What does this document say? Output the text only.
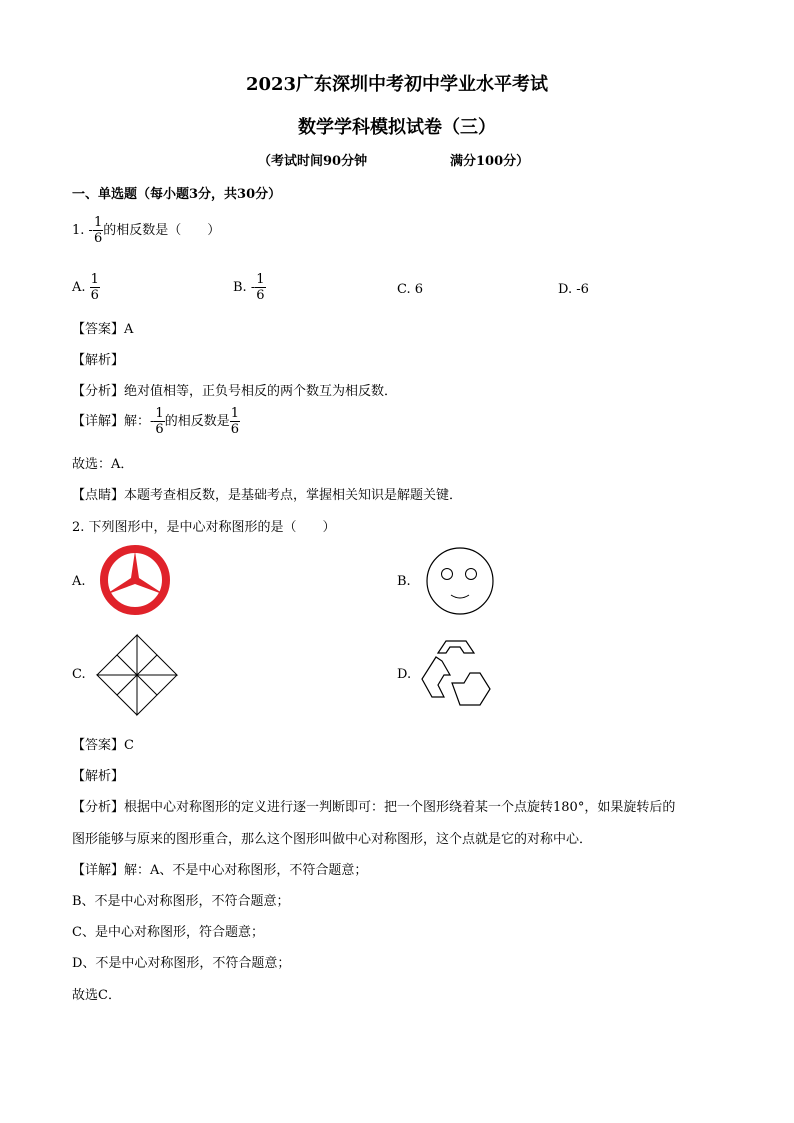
2023广东深圳中考初中学业水平考试
数学学科模拟试卷（三）
（考试时间90分钟	满分100分）
一、单选题（每小题3分，共30分）
1. - $\frac{1}{6}$ 的相反数是（　　）
A. $\frac{1}{6}$	B. - $\frac{1}{6}$	C. 6	D. -6
【答案】A
【解析】
【分析】绝对值相等，正负号相反的两个数互为相反数．
【详解】解：- $\frac{1}{6}$ 的相反数是 $\frac{1}{6}$
故选：A．
【点睛】本题考查相反数，是基础考点，掌握相关知识是解题关键．
2. 下列图形中，是中心对称图形的是（　　）
A.	B.
C.	D.
【答案】C
【解析】
【分析】根据中心对称图形的定义进行逐一判断即可：把一个图形绕着某一个点旋转180°，如果旋转后的
图形能够与原来的图形重合，那么这个图形叫做中心对称图形，这个点就是它的对称中心．
【详解】解：A、不是中心对称图形，不符合题意；
B、不是中心对称图形，不符合题意；
C、是中心对称图形，符合题意；
D、不是中心对称图形，不符合题意；
故选C．
